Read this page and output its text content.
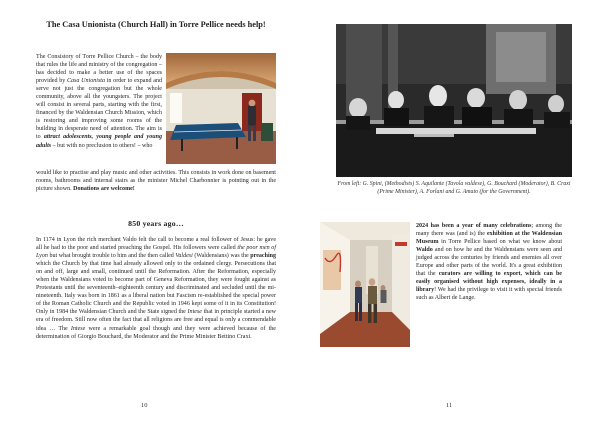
The Casa Unionista (Church Hall) in Torre Pellice needs help!

The Consistory of Torre Pellice Church – the body that rules the life and ministry of the congregation – has decided to make a better use of the spaces provided by Casa Unionista in order to expand and serve not just the congregation but the whole community, above all the youngsters. The project will consist in several parts, starting with the first, financed by the Waldensian Church Mission, which is restoring and improving some rooms of the building in desperate need of attention. The aim is to attract adolescents, young people and young adults – but with no preclusion to others! – who

would like to practise and play music and other activities. This consists in work done on basement rooms, bathrooms and internal stairs as the minister Michel Charbonnier is pointing out in the picture shown. Donations are welcome!

850 years ago…

In 1174 in Lyon the rich merchant Valdo felt the call to become a real follower of Jesus: he gave all he had to the poor and started preaching the Gospel. His followers were called the poor men of Lyon but what brought trouble to him and the then called Valdesi (Waldensians) was the preaching which the Church by that time had already allowed only to the ordained clergy. Persecutions that on and off, large and small, continued until the Reformation. After the Reformation, especially when the Waldensians voted to become part of Geneva Reformation, they were fought against as Protestants until the seventeenth–eighteenth century and discriminated and secluded until the mi-nineteenth. Italy was born in 1861 as a liberal nation but Fascism re-established the special power of the Roman Catholic Church and the Republic voted in 1946 kept some of it in its Constitution! Only in 1984 the Waldensian Church and the State signed the Intese that in principle started a new era of freedom. Still now often the fact that all religions are free and equal is only a commendable idea … The Intese were a remarkable goal though and they were achieved because of the determination of Giorgio Bouchard, the Moderator and the Prime Minister Bettino Craxi.

10
From left: G. Spini, (Methodists) S. Aquilante (Tavola valdese), G. Bouchard (Moderator), B. Craxi (Prime Minister), A. Forlani and G. Amato (for the Government).

2024 has been a year of many celebrations; among the many there was (and is) the exhibition at the Waldensian Museum in Torre Pellice based on what we know about Waldo and on how he and the Waldensians were seen and judged across the centuries by friends and enemies all over Europe and other parts of the world. It's a great exhibition that the curators are willing to export, which can be easily organised without high expenses, ideally in a library! We had the privilege to visit it with special friends such as Albert de Lange.

11
